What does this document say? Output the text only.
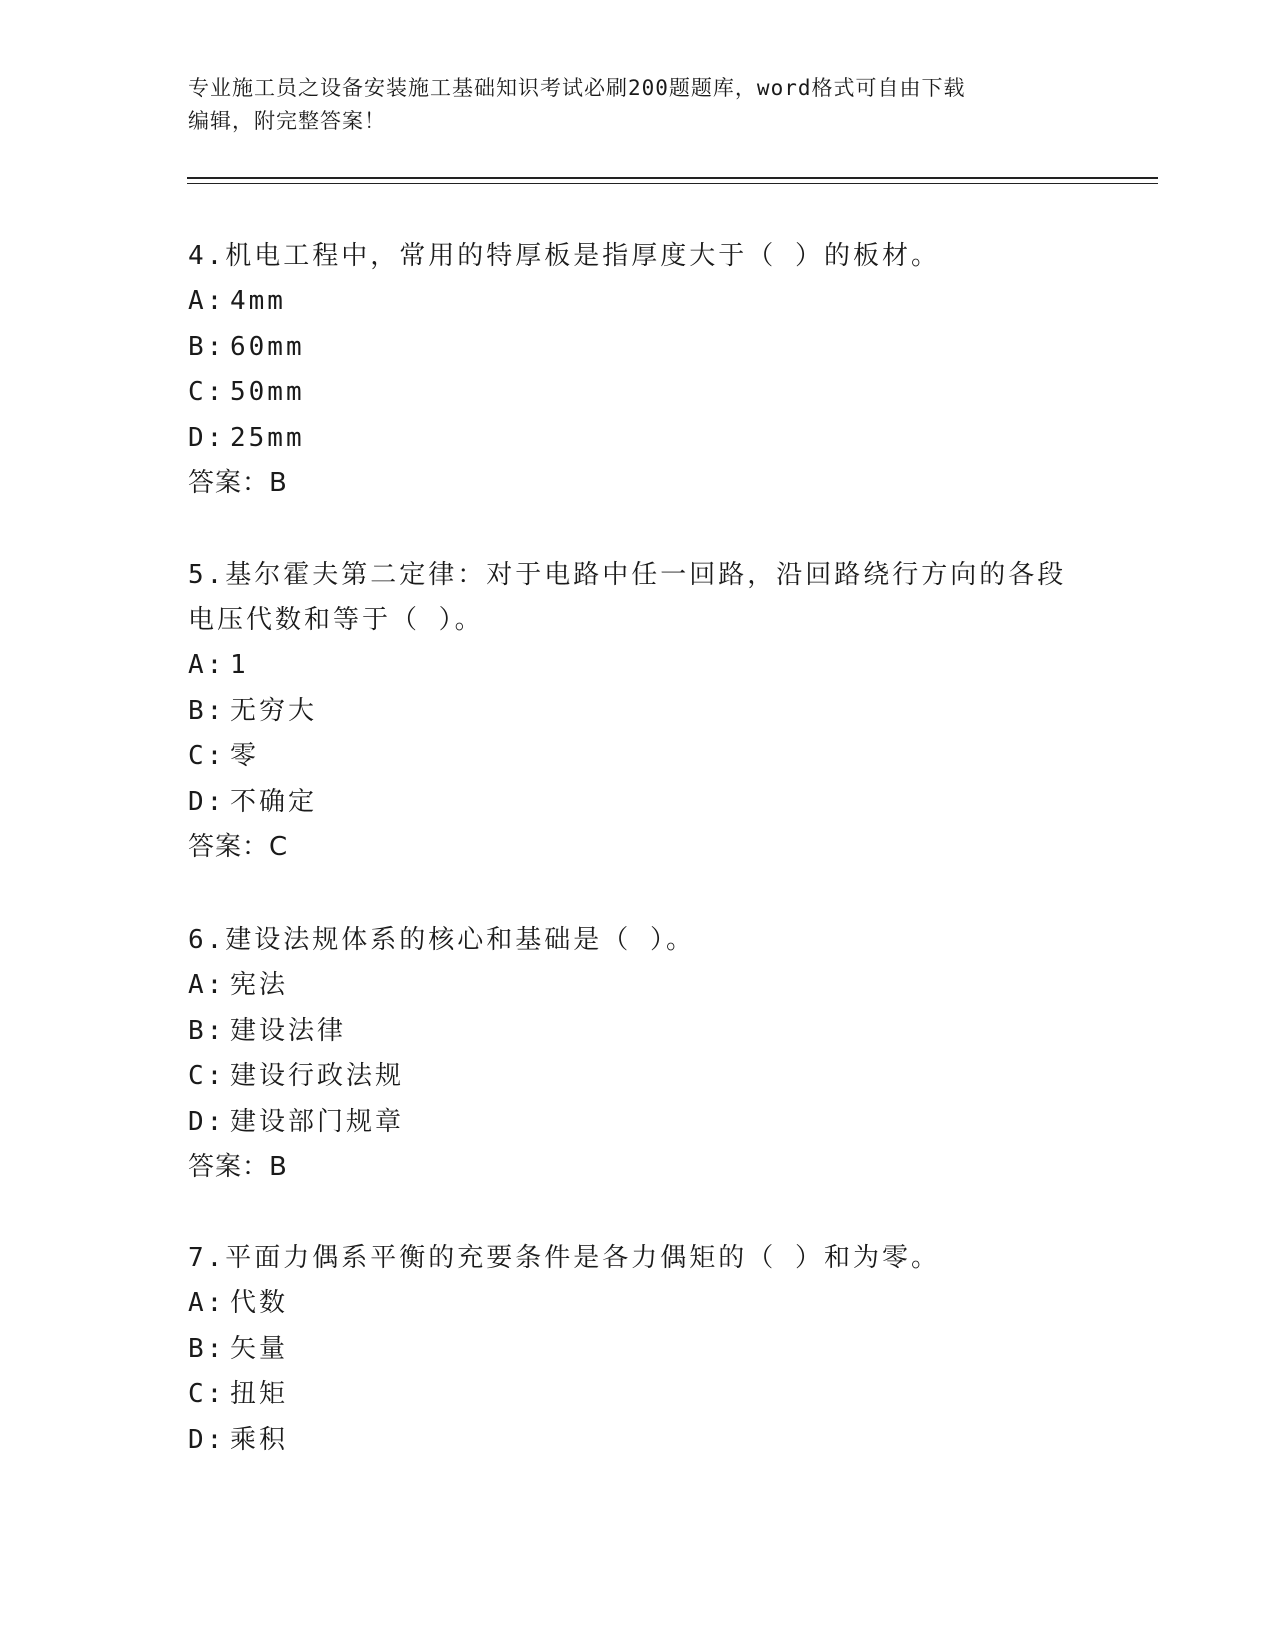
专业施工员之设备安装施工基础知识考试必刷200题题库，word格式可自由下载
编辑，附完整答案！

4.机电工程中，常用的特厚板是指厚度大于（ ）的板材。

A: 4mm

B: 60mm

C: 50mm

D: 25mm

答案：B

5.基尔霍夫第二定律：对于电路中任一回路，沿回路绕行方向的各段

电压代数和等于（ ）。

A: 1

B: 无穷大

C: 零

D: 不确定

答案：C

6.建设法规体系的核心和基础是（ ）。

A: 宪法

B: 建设法律

C: 建设行政法规

D: 建设部门规章

答案：B

7.平面力偶系平衡的充要条件是各力偶矩的（ ）和为零。

A: 代数

B: 矢量

C: 扭矩

D: 乘积
